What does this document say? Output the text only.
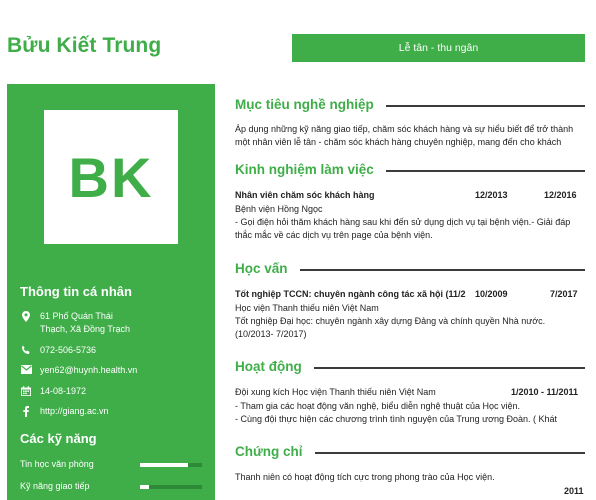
Bửu Kiết Trung	Lễ tân - thu ngân
BK
Thông tin cá nhân
61 Phố Quán Thái
Thạch, Xã Đồng Trạch
072-506-5736
yen62@huynh.health.vn
14-08-1972
http://giang.ac.vn
Các kỹ năng
Tin học văn phòng
Kỹ năng giao tiếp
Mục tiêu nghề nghiệp
Áp dụng những kỹ năng giao tiếp, chăm sóc khách hàng và sự hiểu biết để trở thành một nhân viên lễ tân - chăm sóc khách hàng chuyên nghiệp, mang đến cho khách
Kinh nghiệm làm việc
Nhân viên chăm sóc khách hàng	12/2013	12/2016
Bệnh viện Hồng Ngọc
- Gọi điện hỏi thăm khách hàng sau khi đến sử dụng dịch vụ tại bệnh viện.- Giải đáp thắc mắc về các dịch vụ trên page của bệnh viện.
Học vấn
Tốt nghiệp TCCN: chuyên ngành công tác xã hội (11/2 10/2009	7/2017
Học viện Thanh thiếu niên Việt Nam
Tốt nghiệp Đại học: chuyên ngành xây dựng Đảng và chính quyền Nhà nước. (10/2013- 7/2017)
Hoạt động
Đội xung kích Học viện Thanh thiếu niên Việt Nam	1/2010 - 11/2011
- Tham gia các hoạt động văn nghệ, biểu diễn nghệ thuật của Học viện.
- Cùng đội thực hiện các chương trình tình nguyện của Trung ương Đoàn. ( Khát
Chứng chỉ
Thanh niên có hoạt động tích cực trong phong trào của Học viện.
2011
